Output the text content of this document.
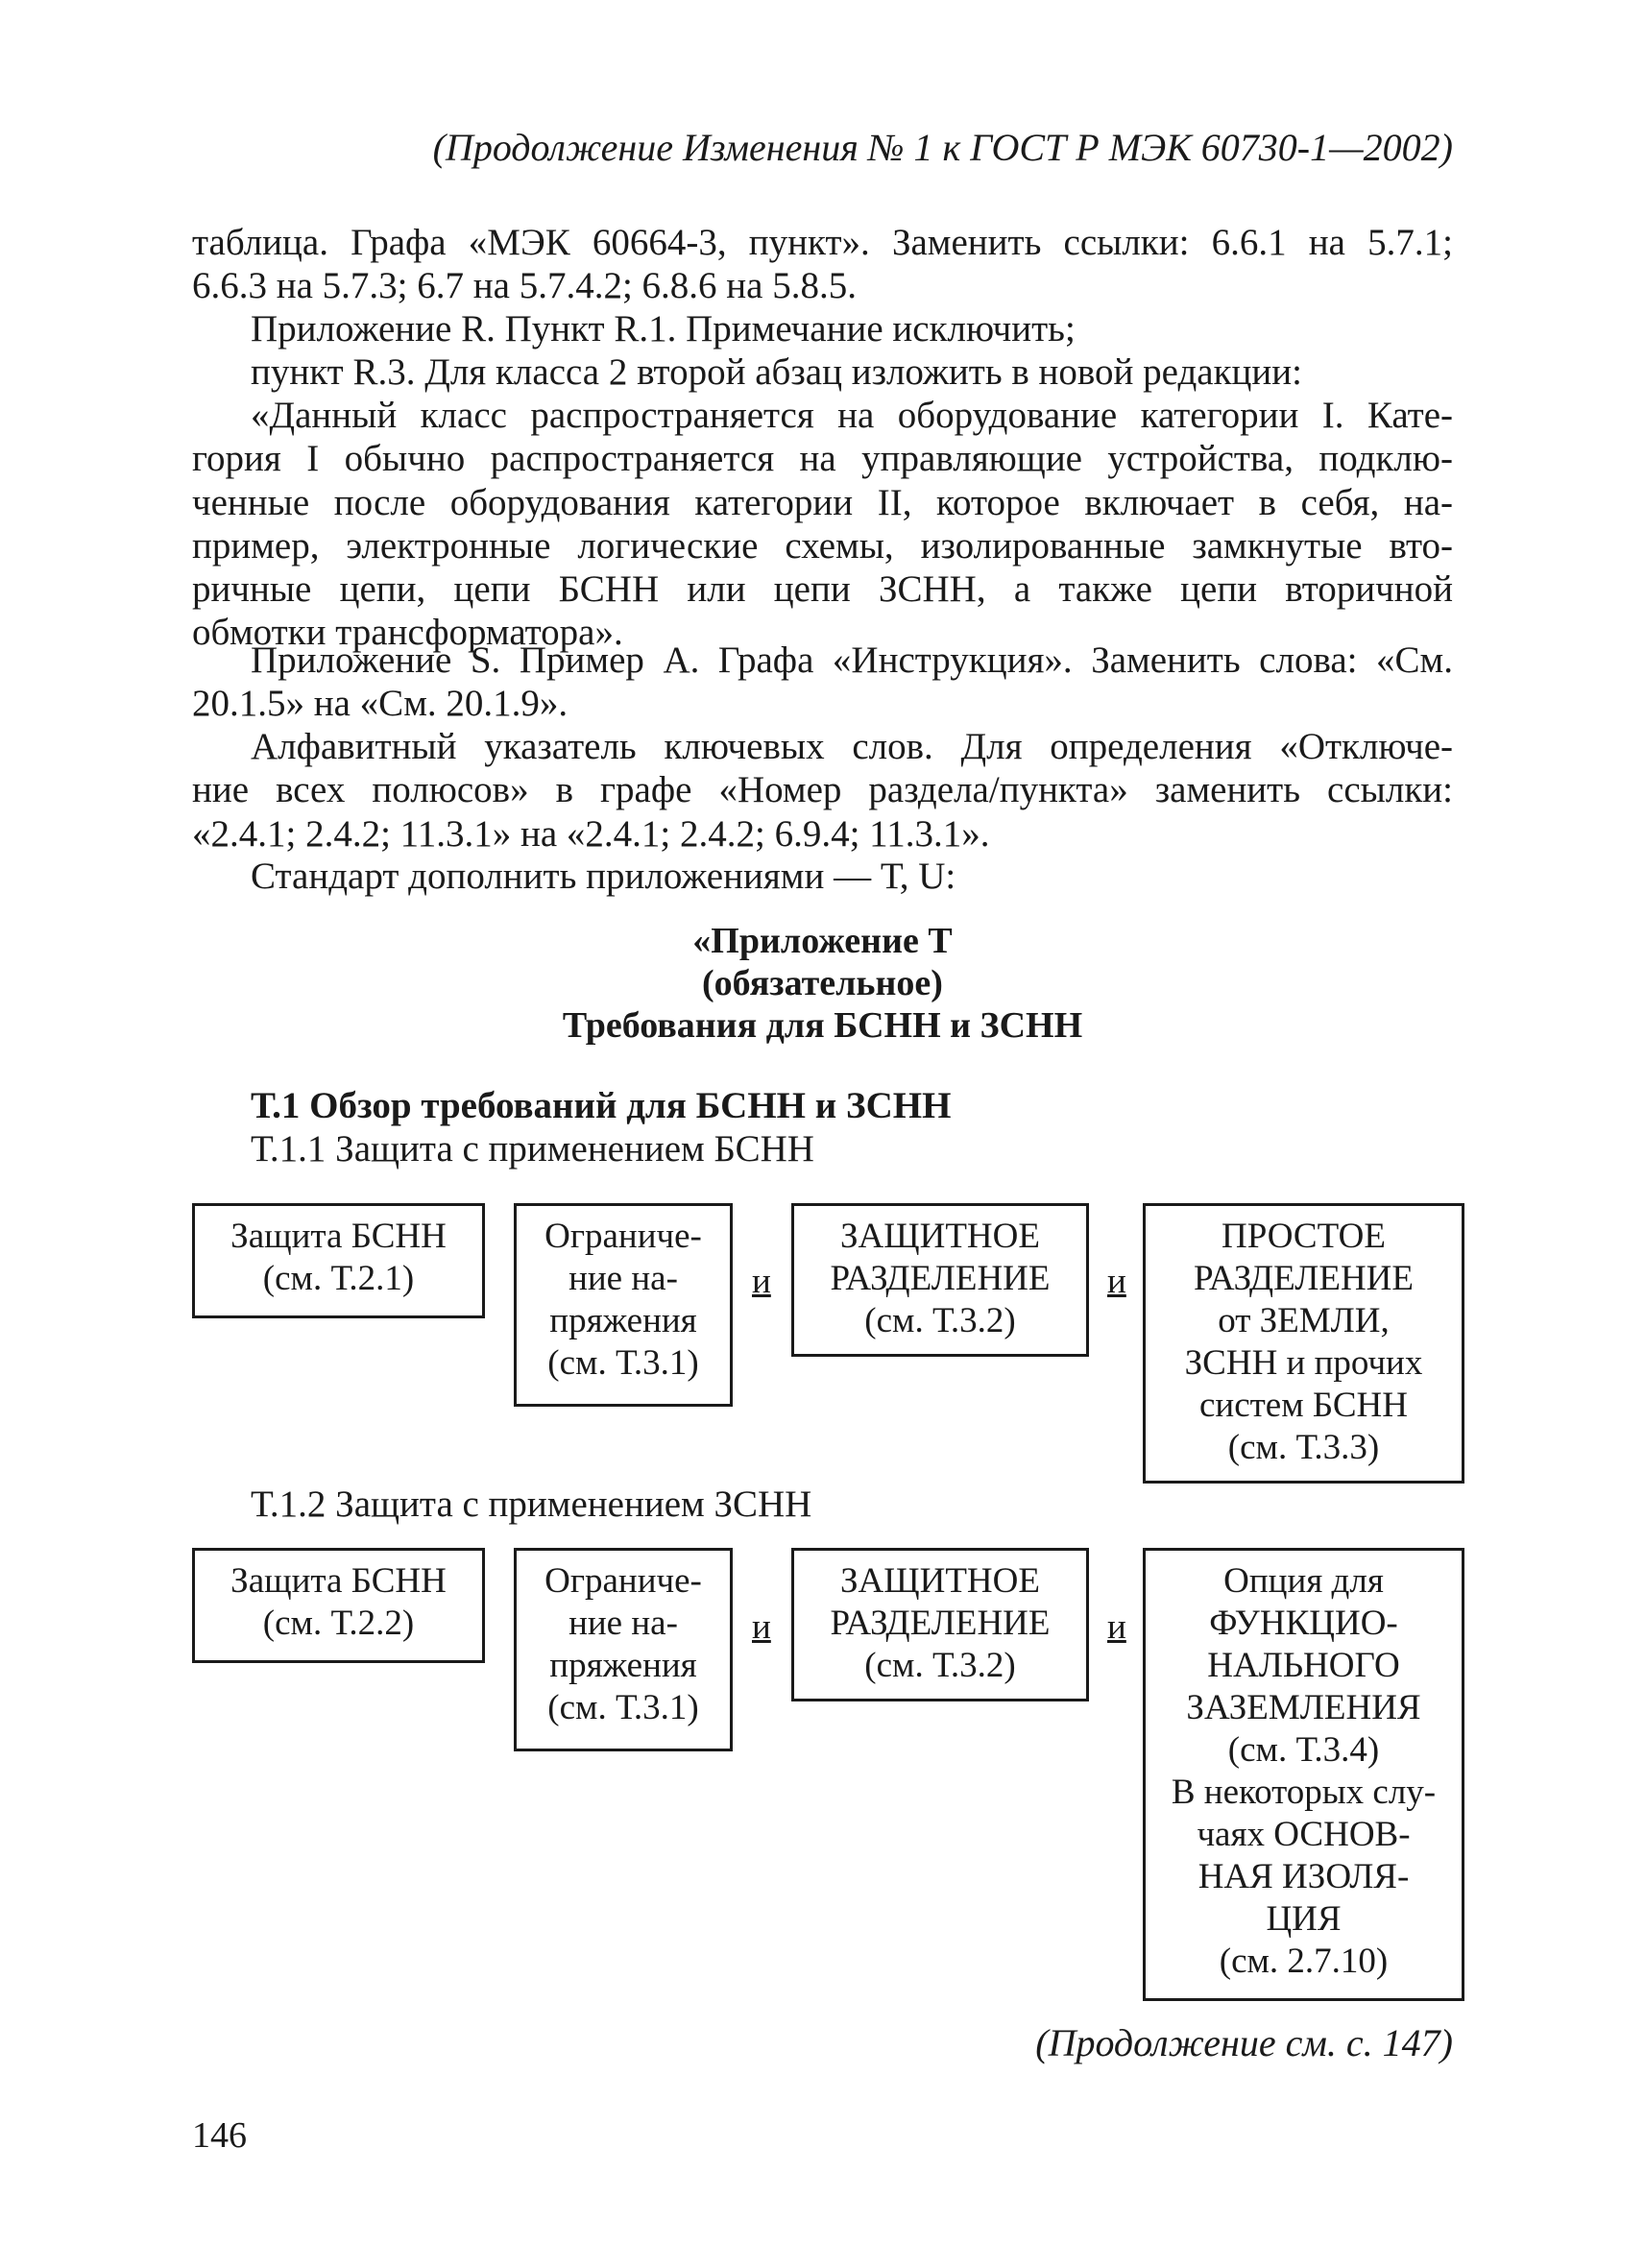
(Продолжение Изменения № 1 к ГОСТ Р МЭК 60730-1—2002)
таблица. Графа «МЭК 60664-3, пункт». Заменить ссылки: 6.6.1 на 5.7.1;
6.6.3 на 5.7.3; 6.7 на 5.7.4.2; 6.8.6 на 5.8.5.
Приложение R. Пункт R.1. Примечание исключить;
пункт R.3. Для класса 2 второй абзац изложить в новой редакции:
«Данный класс распространяется на оборудование категории I. Кате-
гория I обычно распространяется на управляющие устройства, подклю-
ченные после оборудования категории II, которое включает в себя, на-
пример, электронные логические схемы, изолированные замкнутые вто-
ричные цепи, цепи БСНН или цепи ЗСНН, а также цепи вторичной
обмотки трансформатора».
Приложение S. Пример А. Графа «Инструкция». Заменить слова: «См.
20.1.5» на «См. 20.1.9».
Алфавитный указатель ключевых слов. Для определения «Отключе-
ние всех полюсов» в графе «Номер раздела/пункта» заменить ссылки:
«2.4.1; 2.4.2; 11.3.1» на «2.4.1; 2.4.2; 6.9.4; 11.3.1».
Стандарт дополнить приложениями — Т, U:
«Приложение Т
(обязательное)
Требования для БСНН и ЗСНН
Т.1 Обзор требований для БСНН и ЗСНН
Т.1.1 Защита с применением БСНН
Защита БСНН
(см. Т.2.1)
Ограниче-
ние на-
пряжения
(см. Т.3.1)
и
ЗАЩИТНОЕ
РАЗДЕЛЕНИЕ
(см. Т.3.2)
и
ПРОСТОЕ
РАЗДЕЛЕНИЕ
от ЗЕМЛИ,
ЗСНН и прочих
систем БСНН
(см. Т.3.3)
Т.1.2 Защита с применением ЗСНН
Защита БСНН
(см. Т.2.2)
Ограниче-
ние на-
пряжения
(см. Т.3.1)
и
ЗАЩИТНОЕ
РАЗДЕЛЕНИЕ
(см. Т.3.2)
и
Опция для
ФУНКЦИО-
НАЛЬНОГО
ЗАЗЕМЛЕНИЯ
(см. Т.3.4)
В некоторых слу-
чаях ОСНОВ-
НАЯ ИЗОЛЯ-
ЦИЯ
(см. 2.7.10)
(Продолжение см. с. 147)
146
